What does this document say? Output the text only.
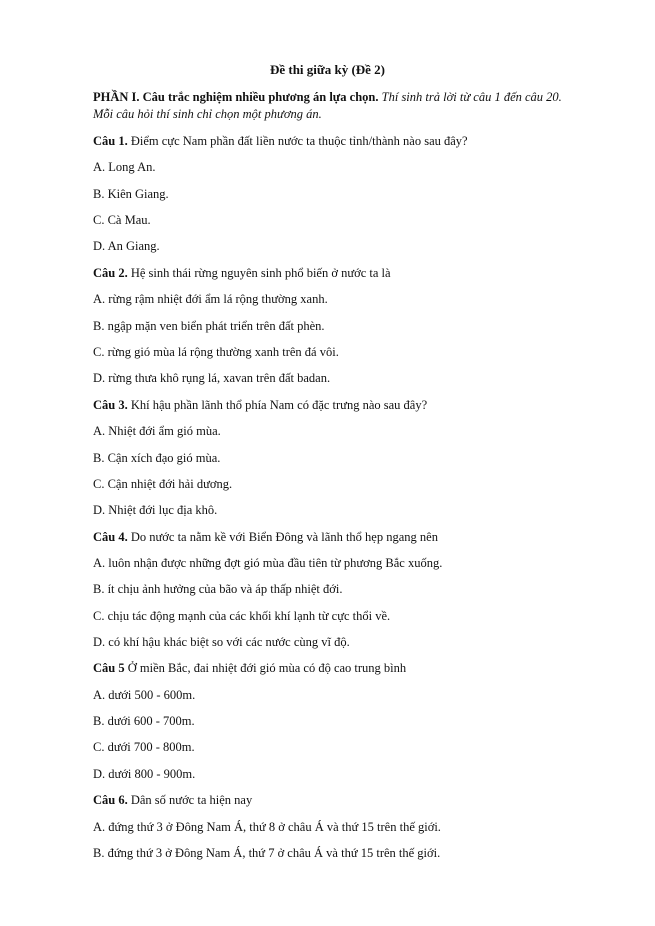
Đề thi giữa kỳ (Đề 2)
PHẦN I. Câu trắc nghiệm nhiều phương án lựa chọn. Thí sinh trả lời từ câu 1 đến câu 20.
Mỗi câu hỏi thí sinh chỉ chọn một phương án.
Câu 1. Điểm cực Nam phần đất liền nước ta thuộc tỉnh/thành nào sau đây?
A. Long An.
B. Kiên Giang.
C. Cà Mau.
D. An Giang.
Câu 2. Hệ sinh thái rừng nguyên sinh phổ biến ở nước ta là
A. rừng rậm nhiệt đới ẩm lá rộng thường xanh.
B. ngập mặn ven biển phát triển trên đất phèn.
C. rừng gió mùa lá rộng thường xanh trên đá vôi.
D. rừng thưa khô rụng lá, xavan trên đất badan.
Câu 3. Khí hậu phần lãnh thổ phía Nam có đặc trưng nào sau đây?
A. Nhiệt đới ẩm gió mùa.
B. Cận xích đạo gió mùa.
C. Cận nhiệt đới hải dương.
D. Nhiệt đới lục địa khô.
Câu 4. Do nước ta nằm kề với Biển Đông và lãnh thổ hẹp ngang nên
A. luôn nhận được những đợt gió mùa đầu tiên từ phương Bắc xuống.
B. ít chịu ảnh hưởng của bão và áp thấp nhiệt đới.
C. chịu tác động mạnh của các khối khí lạnh từ cực thổi về.
D. có khí hậu khác biệt so với các nước cùng vĩ độ.
Câu 5 Ở miền Bắc, đai nhiệt đới gió mùa có độ cao trung bình
A. dưới 500 - 600m.
B. dưới 600 - 700m.
C. dưới 700 - 800m.
D. dưới 800 - 900m.
Câu 6. Dân số nước ta hiện nay
A. đứng thứ 3 ở Đông Nam Á, thứ 8 ở châu Á và thứ 15 trên thế giới.
B. đứng thứ 3 ở Đông Nam Á, thứ 7 ở châu Á và thứ 15 trên thế giới.
